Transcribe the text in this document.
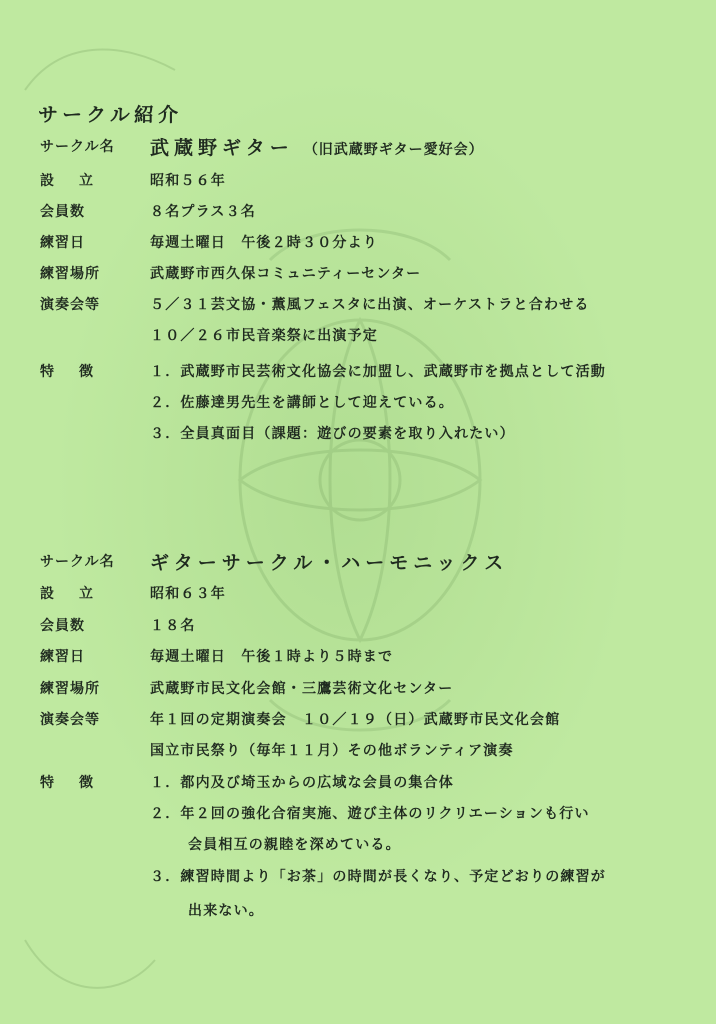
サークル紹介
サークル名	武蔵野ギター （旧武蔵野ギター愛好会）
設 立	昭和５６年
会員数	８名プラス３名
練習日	毎週土曜日　午後２時３０分より
練習場所	武蔵野市西久保コミュニティーセンター
演奏会等	５／３１芸文協・薫風フェスタに出演、オーケストラと合わせる
１０／２６市民音楽祭に出演予定
特 徴	１．武蔵野市民芸術文化協会に加盟し、武蔵野市を拠点として活動
２．佐藤達男先生を講師として迎えている。
３．全員真面目（課題：遊びの要素を取り入れたい）
サークル名	ギターサークル・ハーモニックス
設 立	昭和６３年
会員数	１８名
練習日	毎週土曜日　午後１時より５時まで
練習場所	武蔵野市民文化会館・三鷹芸術文化センター
演奏会等	年１回の定期演奏会　１０／１９（日）武蔵野市民文化会館
国立市民祭り（毎年１１月）その他ボランティア演奏
特 徴	１．都内及び埼玉からの広域な会員の集合体
２．年２回の強化合宿実施、遊び主体のリクリエーションも行い
会員相互の親睦を深めている。
３．練習時間より「お茶」の時間が長くなり、予定どおりの練習が
出来ない。
